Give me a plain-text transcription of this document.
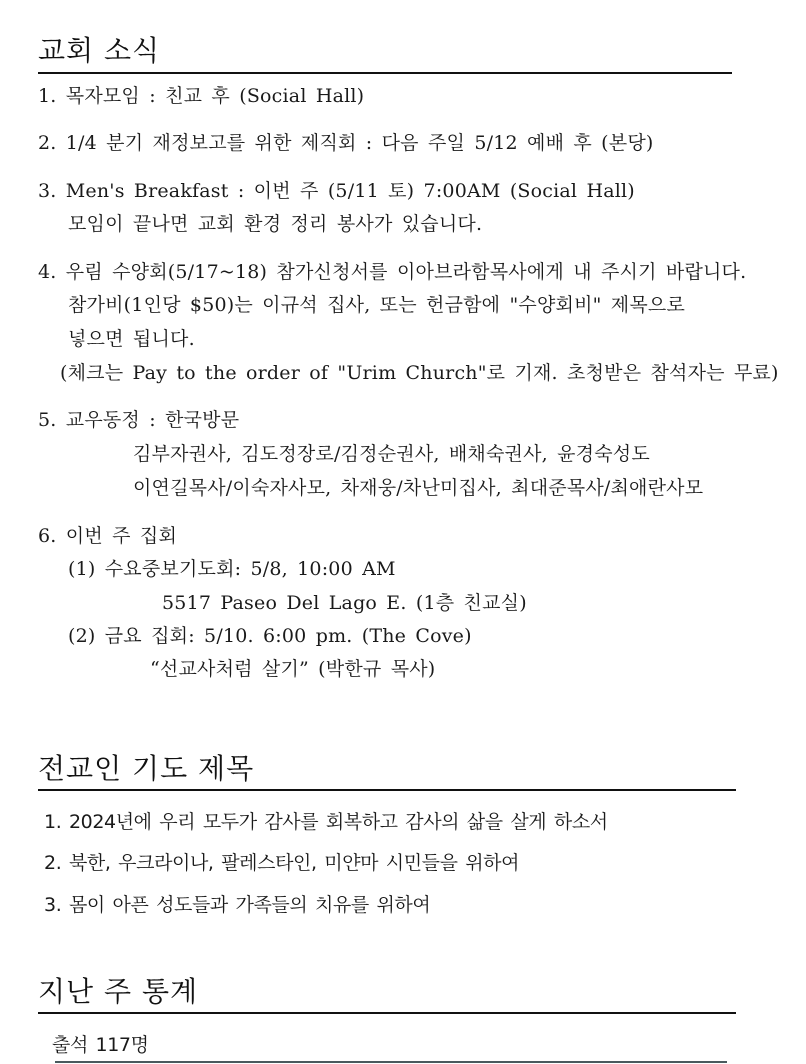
교회 소식
1. 목자모임 : 친교 후 (Social Hall)
2. 1/4 분기 재정보고를 위한 제직회 : 다음 주일 5/12 예배 후 (본당)
3. Men's Breakfast : 이번 주 (5/11 토) 7:00AM (Social Hall)
모임이 끝나면 교회 환경 정리 봉사가 있습니다.
4. 우림 수양회(5/17~18) 참가신청서를 이아브라함목사에게 내 주시기 바랍니다.
참가비(1인당 $50)는 이규석 집사, 또는 헌금함에 "수양회비" 제목으로
넣으면 됩니다.
(체크는 Pay to the order of "Urim Church"로 기재. 초청받은 참석자는 무료)
5. 교우동정 : 한국방문
김부자권사, 김도정장로/김정순권사, 배채숙권사, 윤경숙성도
이연길목사/이숙자사모, 차재웅/차난미집사, 최대준목사/최애란사모
6. 이번 주 집회
(1) 수요중보기도회: 5/8, 10:00 AM
5517 Paseo Del Lago E. (1층 친교실)
(2) 금요 집회: 5/10. 6:00 pm. (The Cove)
“선교사처럼 살기” (박한규 목사)
전교인 기도 제목
1. 2024년에 우리 모두가 감사를 회복하고 감사의 삶을 살게 하소서
2. 북한, 우크라이나, 팔레스타인, 미얀마 시민들을 위하여
3. 몸이 아픈 성도들과 가족들의 치유를 위하여
지난 주 통계
출석 117명
